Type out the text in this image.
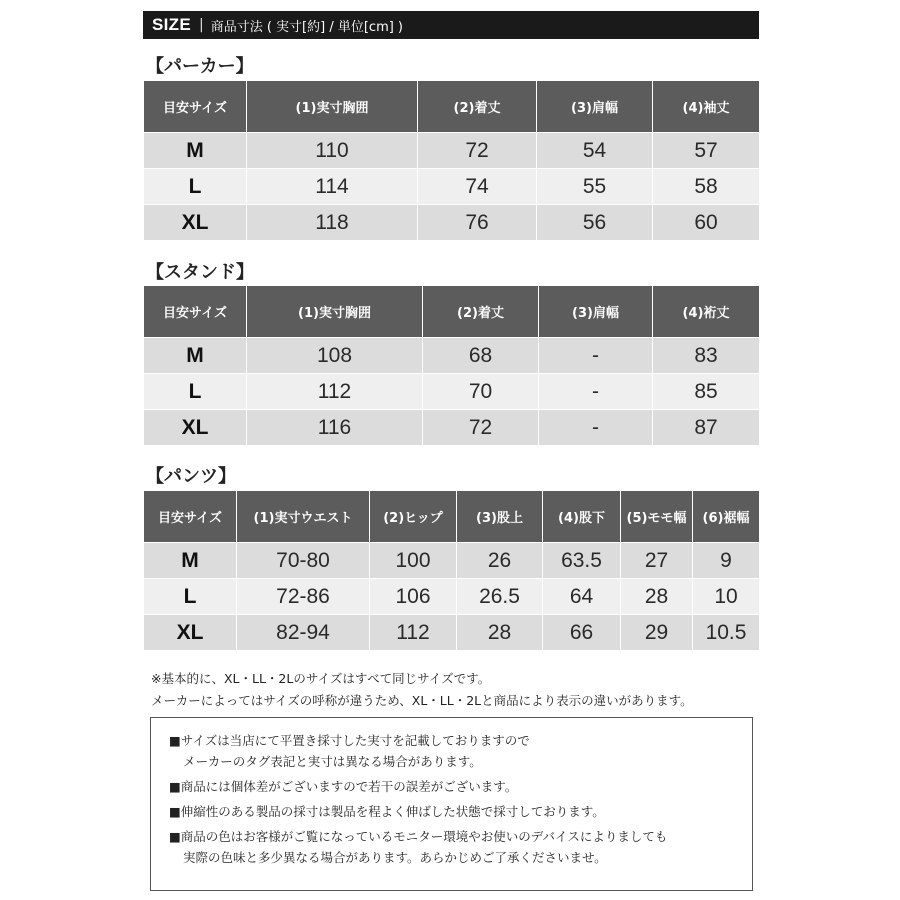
SIZE | 商品寸法 ( 実寸[約] / 単位[cm] )
【パーカー】
目安サイズ	(1)実寸胸囲	(2)着丈	(3)肩幅	(4)袖丈
M	110	72	54	57
L	114	74	55	58
XL	118	76	56	60
【スタンド】
目安サイズ	(1)実寸胸囲	(2)着丈	(3)肩幅	(4)裄丈
M	108	68	-	83
L	112	70	-	85
XL	116	72	-	87
【パンツ】
目安サイズ	(1)実寸ウエスト	(2)ヒップ	(3)股上	(4)股下	(5)モモ幅	(6)裾幅
M	70-80	100	26	63.5	27	9
L	72-86	106	26.5	64	28	10
XL	82-94	112	28	66	29	10.5
※基本的に、XL・LL・2Lのサイズはすべて同じサイズです。
メーカーによってはサイズの呼称が違うため、XL・LL・2Lと商品により表示の違いがあります。
■サイズは当店にて平置き採寸した実寸を記載しておりますので
メーカーのタグ表記と実寸は異なる場合があります。
■商品には個体差がございますので若干の誤差がございます。
■伸縮性のある製品の採寸は製品を程よく伸ばした状態で採寸しております。
■商品の色はお客様がご覧になっているモニター環境やお使いのデバイスによりましても
実際の色味と多少異なる場合があります。あらかじめご了承くださいませ。
